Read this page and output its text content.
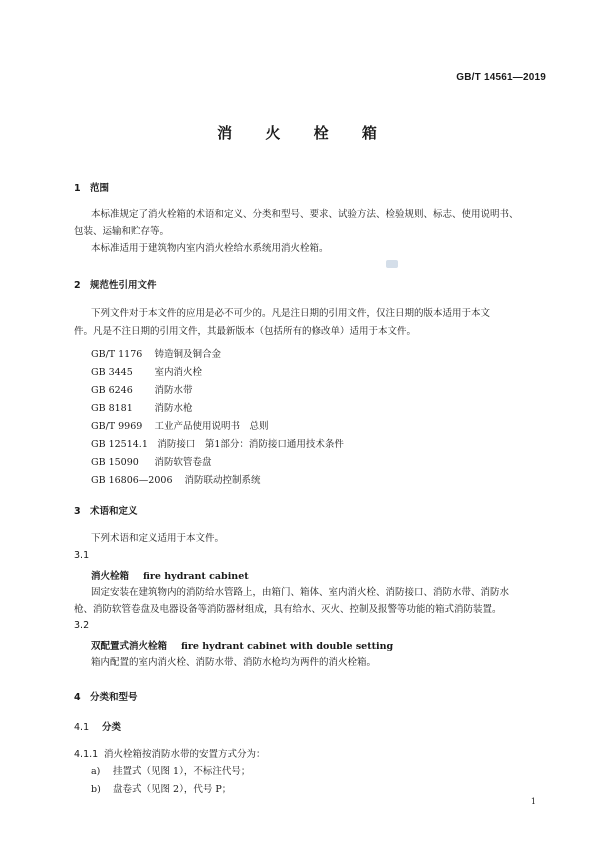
GB/T 14561—2019
消 火 栓 箱
1 范围
本标准规定了消火栓箱的术语和定义、分类和型号、要求、试验方法、检验规则、标志、使用说明书、
包装、运输和贮存等。
本标准适用于建筑物内室内消火栓给水系统用消火栓箱。
2 规范性引用文件
下列文件对于本文件的应用是必不可少的。凡是注日期的引用文件，仅注日期的版本适用于本文
件。凡是不注日期的引用文件，其最新版本（包括所有的修改单）适用于本文件。
GB/T 1176　 铸造铜及铜合金
GB 3445　 室内消火栓
GB 6246　 消防水带
GB 8181　 消防水枪
GB/T 9969　 工业产品使用说明书　总则
GB 12514.1　 消防接口　第1部分：消防接口通用技术条件
GB 15090　 消防软管卷盘
GB 16806—2006　 消防联动控制系统
3 术语和定义
下列术语和定义适用于本文件。
3.1
消火栓箱 fire hydrant cabinet
固定安装在建筑物内的消防给水管路上，由箱门、箱体、室内消火栓、消防接口、消防水带、消防水
枪、消防软管卷盘及电器设备等消防器材组成，具有给水、灭火、控制及报警等功能的箱式消防装置。
3.2
双配置式消火栓箱 fire hydrant cabinet with double setting
箱内配置的室内消火栓、消防水带、消防水枪均为两件的消火栓箱。
4 分类和型号
4.1 分类
4.1.1 消火栓箱按消防水带的安置方式分为：
a) 挂置式（见图 1），不标注代号；
b) 盘卷式（见图 2），代号 P；
1
